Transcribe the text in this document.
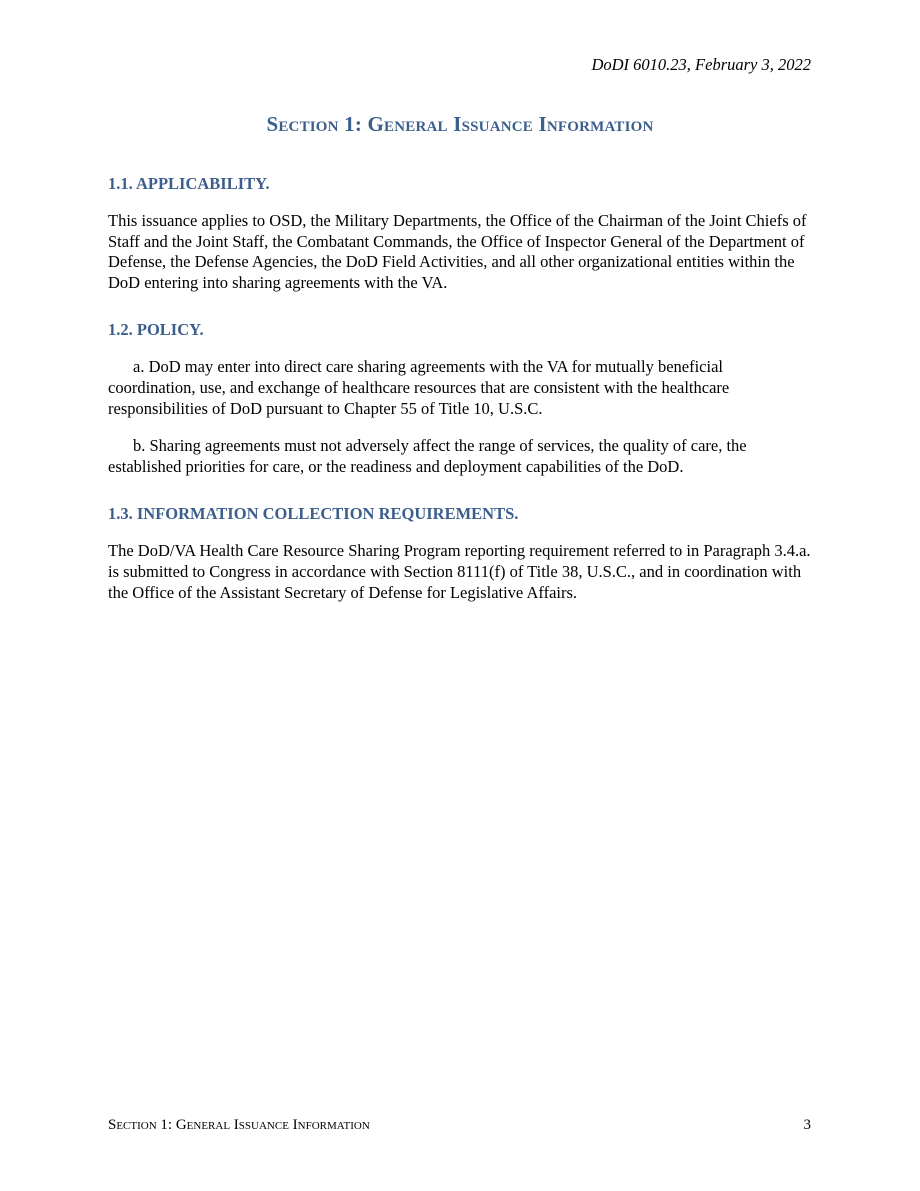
DoDI 6010.23, February 3, 2022
Section 1: General Issuance Information
1.1. APPLICABILITY.

This issuance applies to OSD, the Military Departments, the Office of the Chairman of the Joint Chiefs of Staff and the Joint Staff, the Combatant Commands, the Office of Inspector General of the Department of Defense, the Defense Agencies, the DoD Field Activities, and all other organizational entities within the DoD entering into sharing agreements with the VA.

1.2. POLICY.

a. DoD may enter into direct care sharing agreements with the VA for mutually beneficial coordination, use, and exchange of healthcare resources that are consistent with the healthcare responsibilities of DoD pursuant to Chapter 55 of Title 10, U.S.C.

b. Sharing agreements must not adversely affect the range of services, the quality of care, the established priorities for care, or the readiness and deployment capabilities of the DoD.

1.3. INFORMATION COLLECTION REQUIREMENTS.

The DoD/VA Health Care Resource Sharing Program reporting requirement referred to in Paragraph 3.4.a. is submitted to Congress in accordance with Section 8111(f) of Title 38, U.S.C., and in coordination with the Office of the Assistant Secretary of Defense for Legislative Affairs.

Section 1: General Issuance Information	3
